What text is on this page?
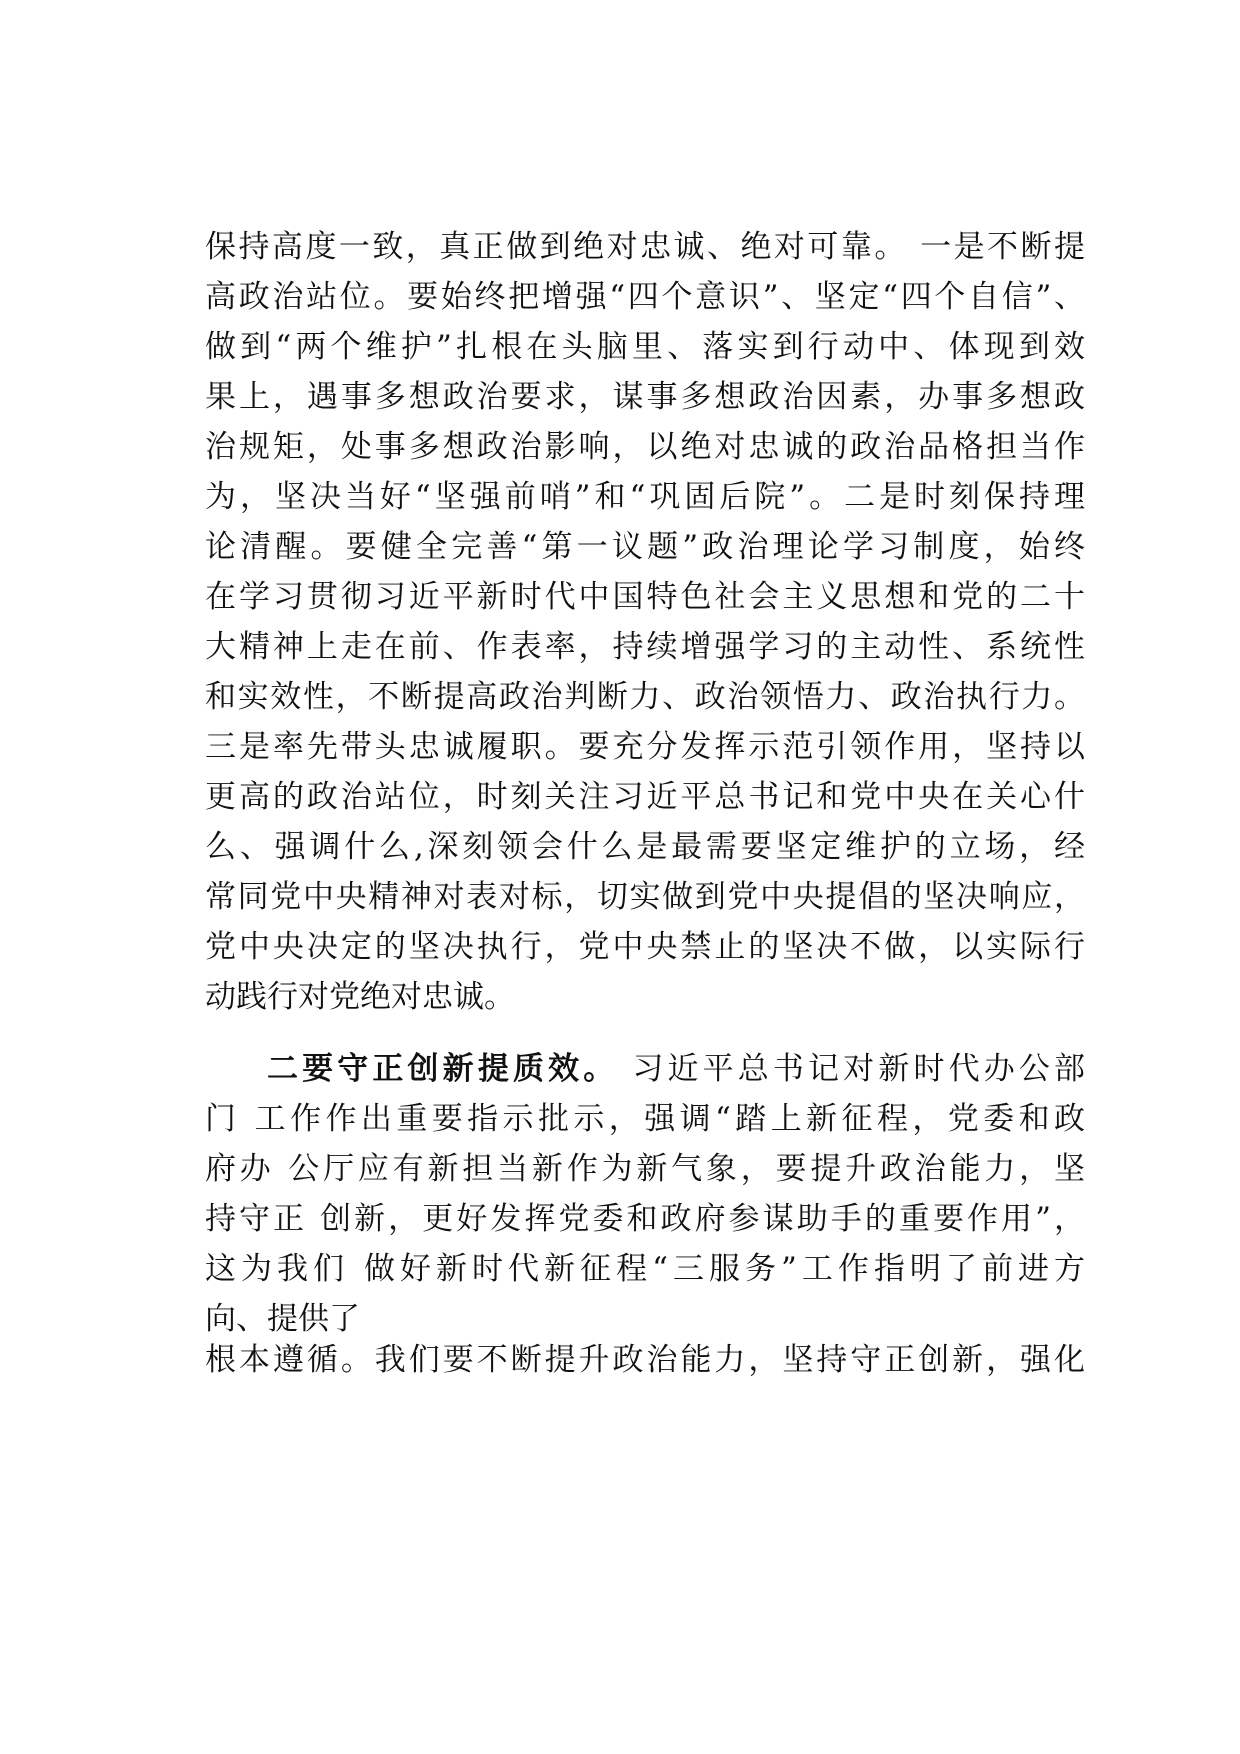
保持高度一致，真正做到绝对忠诚、绝对可靠。 一是不断提
高政治站位。要始终把增强“四个意识”、坚定“四个自信”、
做到“两个维护”扎根在头脑里、落实到行动中、体现到效
果上，遇事多想政治要求，谋事多想政治因素，办事多想政
治规矩，处事多想政治影响，以绝对忠诚的政治品格担当作
为，坚决当好“坚强前哨”和“巩固后院”。二是时刻保持理
论清醒。要健全完善“第一议题”政治理论学习制度，始终
在学习贯彻习近平新时代中国特色社会主义思想和党的二十
大精神上走在前、作表率，持续增强学习的主动性、系统性
和实效性，不断提高政治判断力、政治领悟力、政治执行力。
三是率先带头忠诚履职。要充分发挥示范引领作用，坚持以
更高的政治站位，时刻关注习近平总书记和党中央在关心什
么、强调什么,深刻领会什么是最需要坚定维护的立场，经
常同党中央精神对表对标，切实做到党中央提倡的坚决响应，
党中央决定的坚决执行，党中央禁止的坚决不做，以实际行
动践行对党绝对忠诚。
二要守正创新提质效。 习近平总书记对新时代办公部
门 工作作出重要指示批示，强调“踏上新征程，党委和政
府办 公厅应有新担当新作为新气象，要提升政治能力，坚
持守正 创新，更好发挥党委和政府参谋助手的重要作用”，
这为我们 做好新时代新征程“三服务”工作指明了前进方
向、提供了
根本遵循。我们要不断提升政治能力，坚持守正创新，强化
